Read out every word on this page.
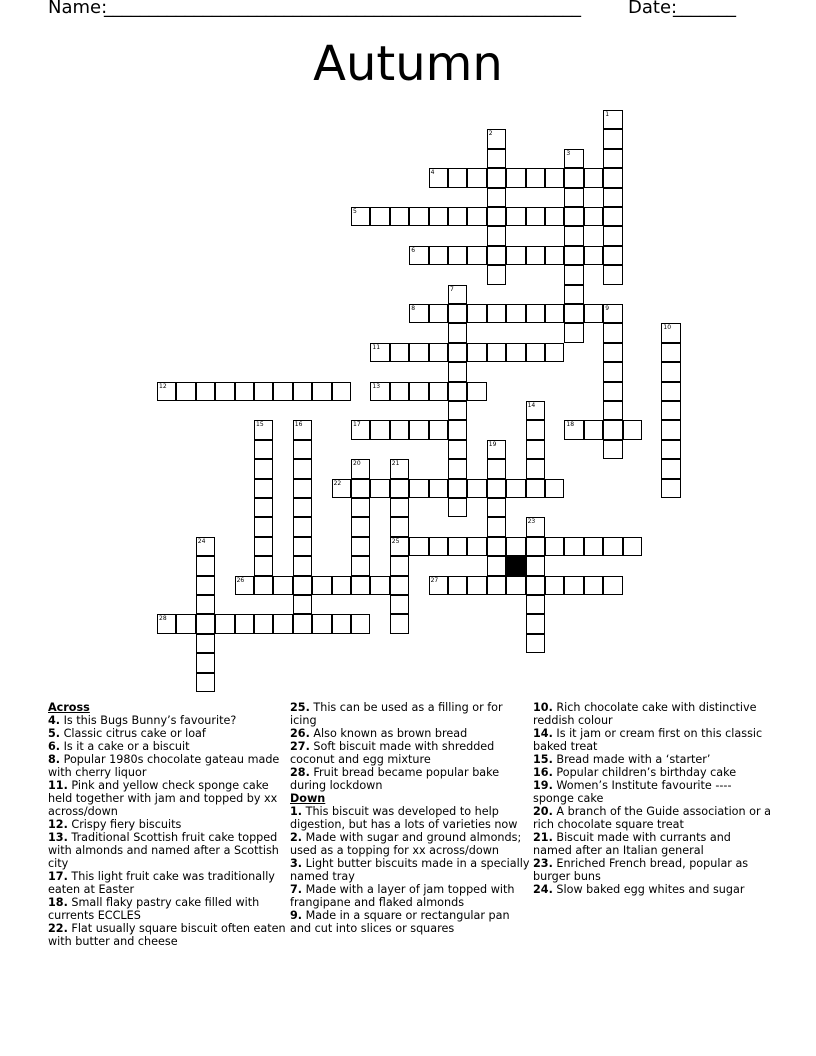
Name:
_____________________________________________________	Date:
_______
Autumn
1
2
3
7
9
10
14
15	16
19
20	21
25
23
24
4
5
6
8
11
12	13
17	18
22
26	27
28
Across
4. Is this Bugs Bunny’s favourite?
5. Classic citrus cake or loaf
6. Is it a cake or a biscuit
8. Popular 1980s chocolate gateau made with cherry liquor
11. Pink and yellow check sponge cake held together with jam and topped by xx across/down
12. Crispy fiery biscuits
13. Traditional Scottish fruit cake topped with almonds and named after a Scottish city
17. This light fruit cake was traditionally eaten at Easter
18. Small flaky pastry cake filled with currents ECCLES
22. Flat usually square biscuit often eaten with butter and cheese
25. This can be used as a filling or for icing
26. Also known as brown bread
27. Soft biscuit made with shredded coconut and egg mixture
28. Fruit bread became popular bake during lockdown
Down
1. This biscuit was developed to help digestion, but has a lots of varieties now
2. Made with sugar and ground almonds; used as a topping for xx across/down
3. Light butter biscuits made in a specially named tray
7. Made with a layer of jam topped with frangipane and flaked almonds
9. Made in a square or rectangular pan and cut into slices or squares
10. Rich chocolate cake with distinctive reddish colour
14. Is it jam or cream first on this classic baked treat
15. Bread made with a ‘starter’
16. Popular children’s birthday cake
19. Women’s Institute favourite ---- sponge cake
20. A branch of the Guide association or a rich chocolate square treat
21. Biscuit made with currants and named after an Italian general
23. Enriched French bread, popular as burger buns
24. Slow baked egg whites and sugar
